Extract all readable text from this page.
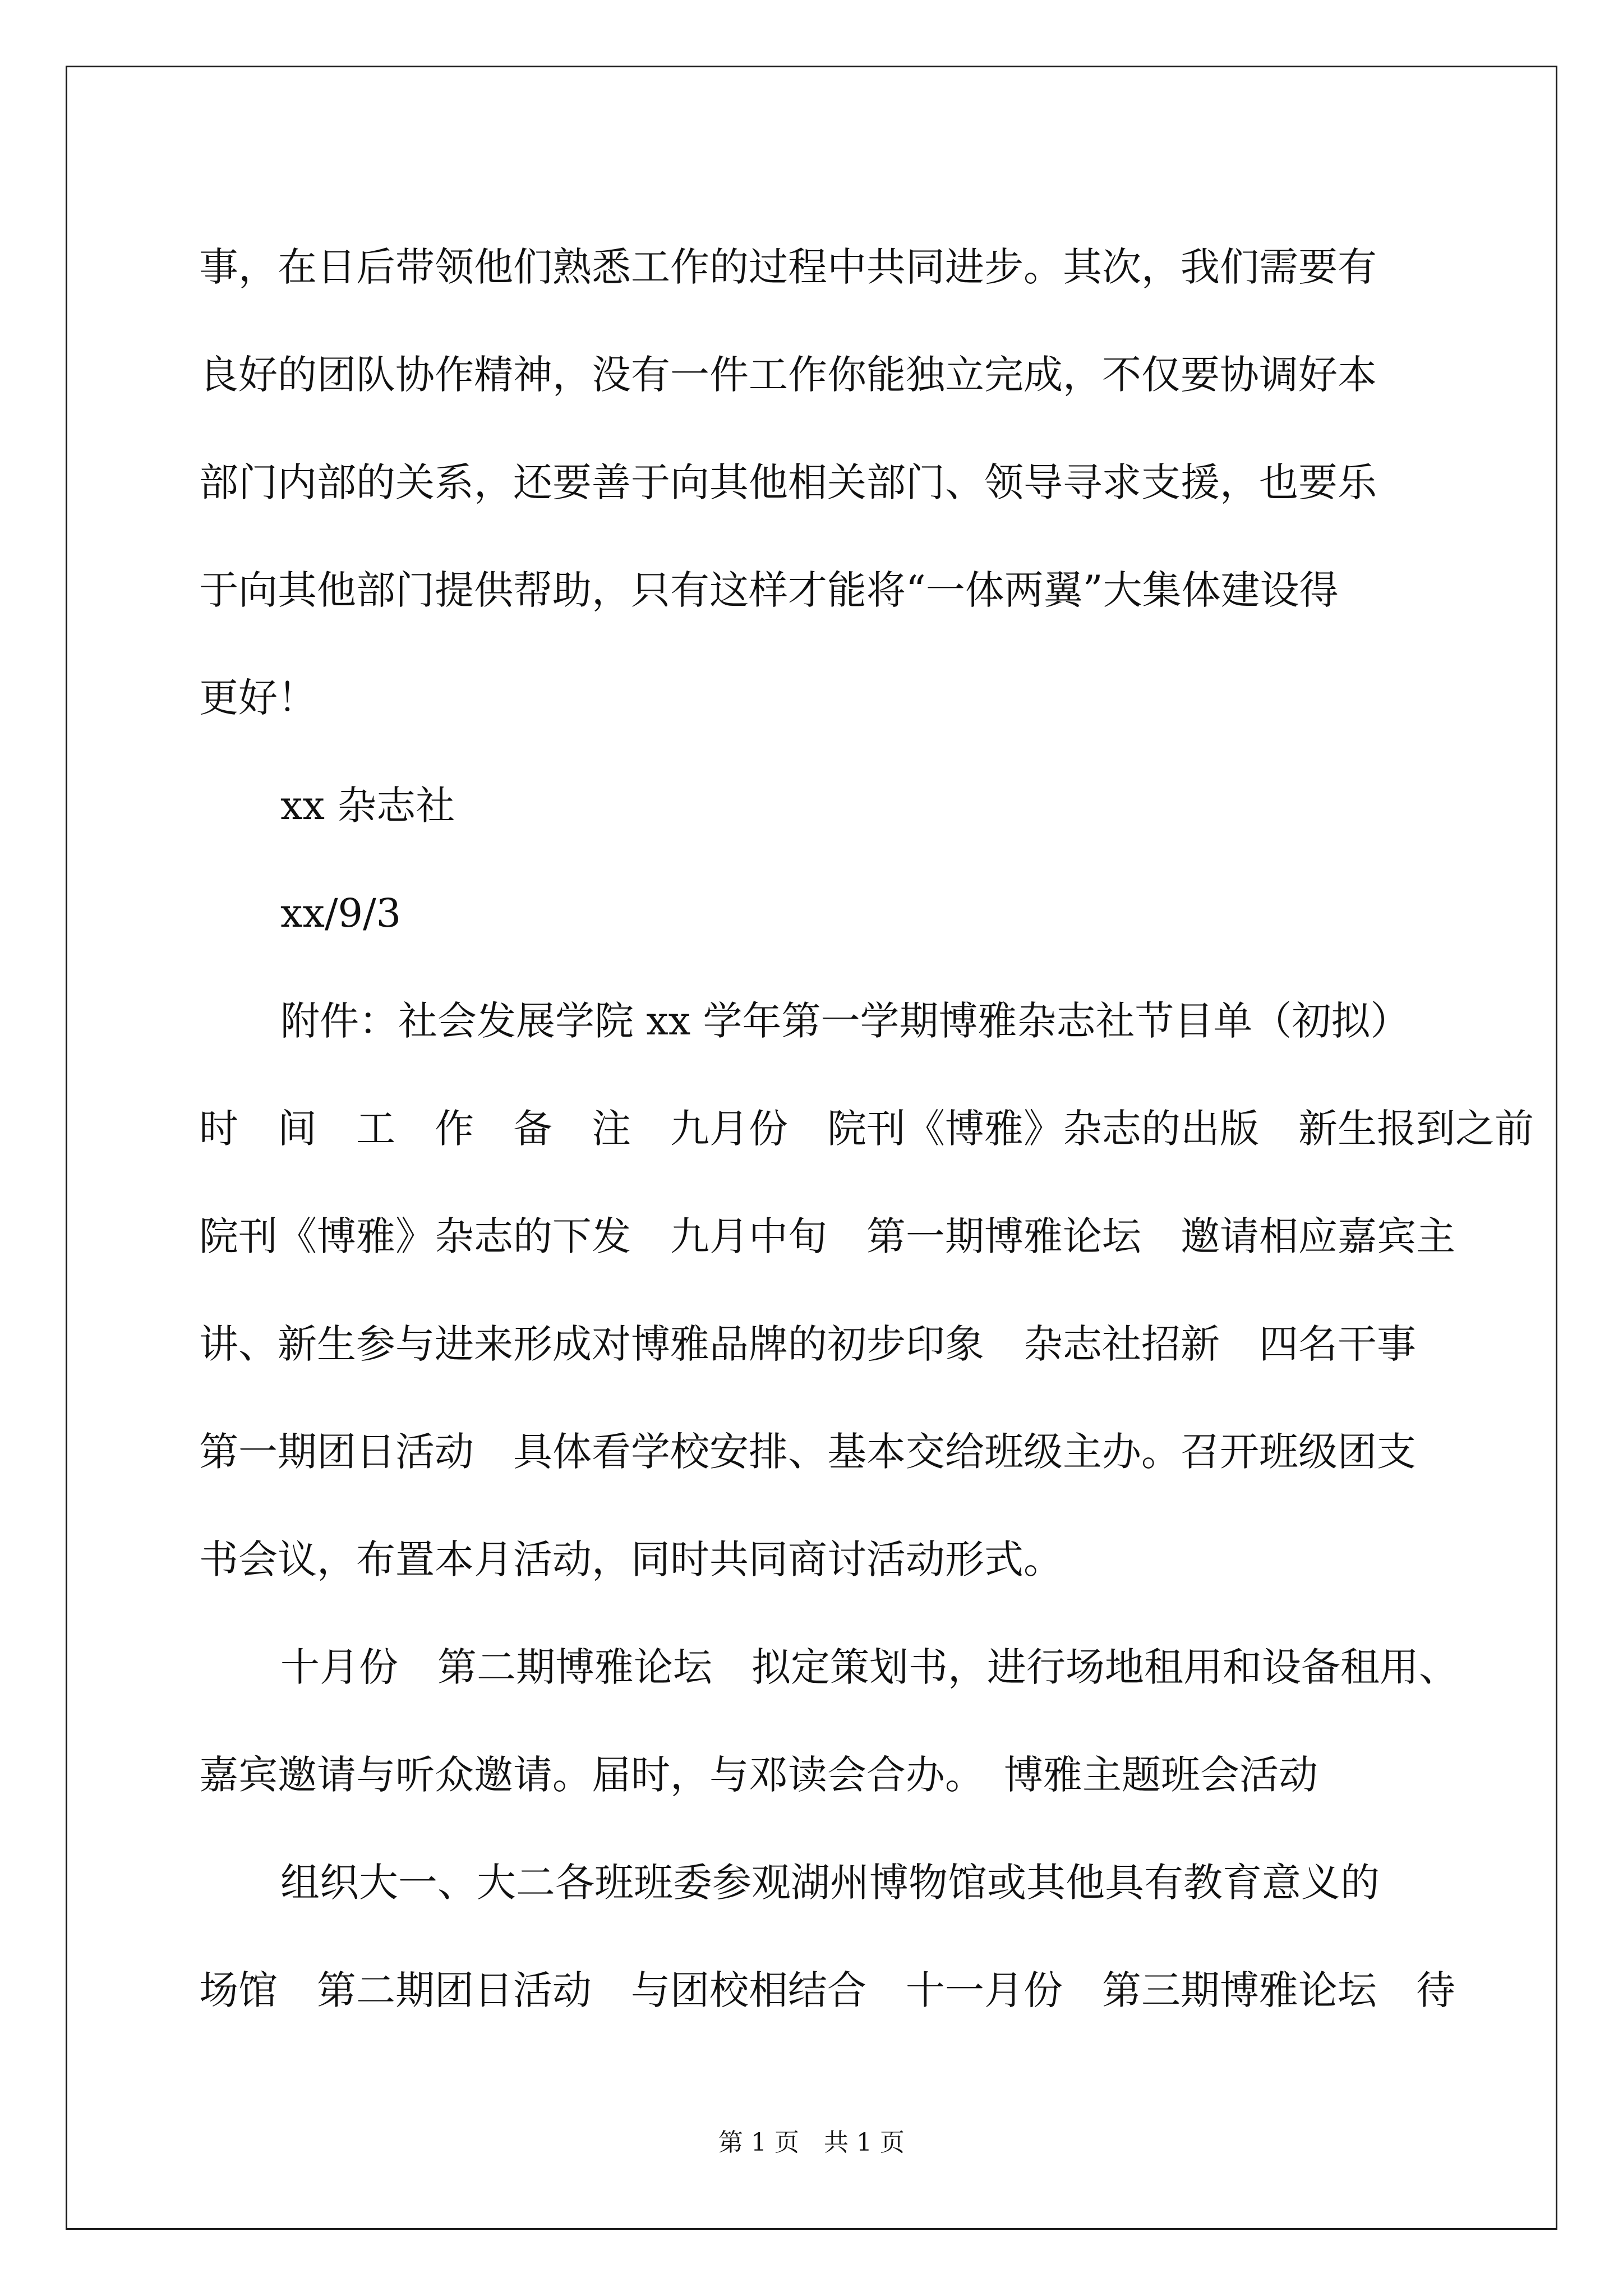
事，在日后带领他们熟悉工作的过程中共同进步。其次，我们需要有

良好的团队协作精神，没有一件工作你能独立完成，不仅要协调好本

部门内部的关系，还要善于向其他相关部门、领导寻求支援，也要乐

于向其他部门提供帮助，只有这样才能将“一体两翼”大集体建设得

更好！

xx 杂志社

xx/9/3

附件：社会发展学院 xx 学年第一学期博雅杂志社节目单（初拟）

时　间　工　作　备　注　九月份　院刊《博雅》杂志的出版　新生报到之前

院刊《博雅》杂志的下发　九月中旬　第一期博雅论坛　邀请相应嘉宾主

讲、新生参与进来形成对博雅品牌的初步印象　杂志社招新　四名干事

第一期团日活动　具体看学校安排、基本交给班级主办。召开班级团支

书会议，布置本月活动，同时共同商讨活动形式。

十月份　第二期博雅论坛　拟定策划书，进行场地租用和设备租用、

嘉宾邀请与听众邀请。届时，与邓读会合办。　博雅主题班会活动

组织大一、大二各班班委参观湖州博物馆或其他具有教育意义的

场馆　第二期团日活动　与团校相结合　十一月份　第三期博雅论坛　待

第 1 页　共 1 页
